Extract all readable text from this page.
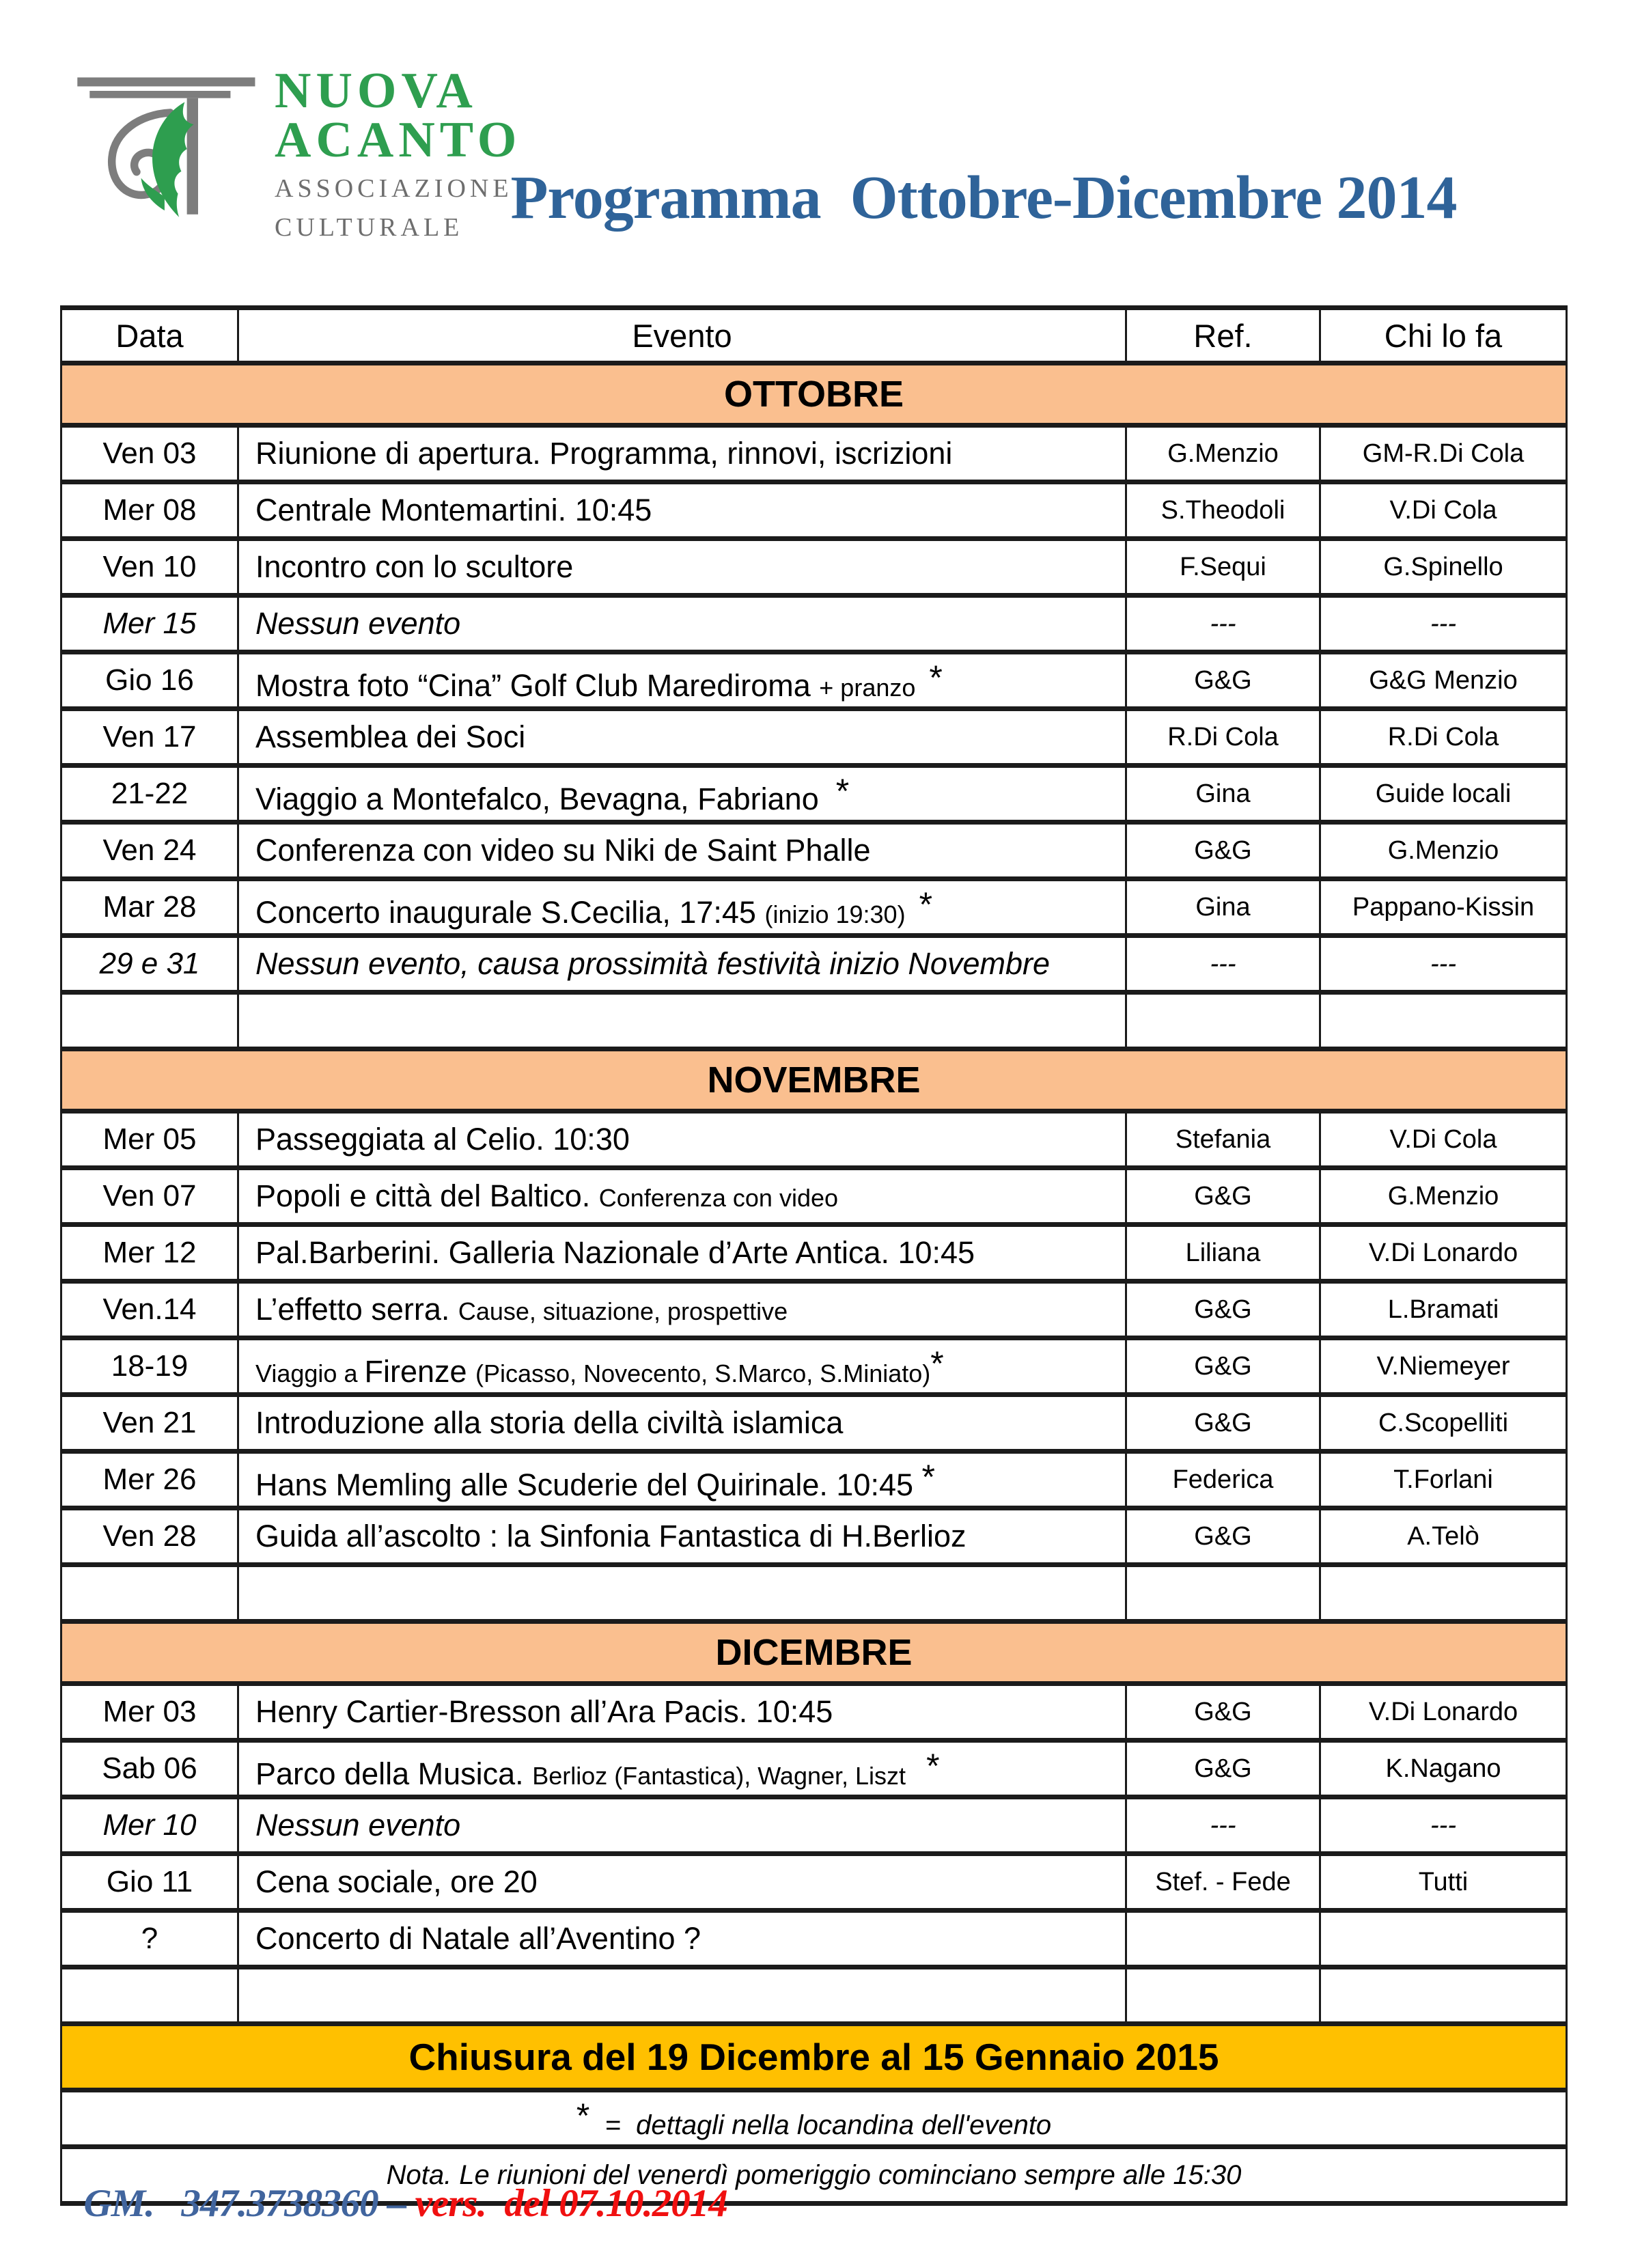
NUOVA
ACANTO
ASSOCIAZIONE
CULTURALE Programma  Ottobre-Dicembre 2014
Data	Evento	Ref.	Chi lo fa
OTTOBRE			
Ven 03	Riunione di apertura. Programma, rinnovi, iscrizioni	G.Menzio	GM-R.Di Cola
Mer 08	Centrale Montemartini. 10:45	S.Theodoli	V.Di Cola
Ven 10	Incontro con lo scultore	F.Sequi	G.Spinello
Mer 15	Nessun evento	---	---
Gio 16	Mostra foto “Cina” Golf Club Marediroma + pranzo  *	G&G	G&G Menzio
Ven 17	Assemblea dei Soci	R.Di Cola	R.Di Cola
21-22	Viaggio a Montefalco, Bevagna, Fabriano  *	Gina	Guide locali
Ven 24	Conferenza con video su Niki de Saint Phalle	G&G	G.Menzio
Mar 28	Concerto inaugurale S.Cecilia, 17:45 (inizio 19:30)  *	Gina	Pappano-Kissin
29 e 31	Nessun evento, causa prossimità festività inizio Novembre	---	---

NOVEMBRE			
Mer 05	Passeggiata al Celio. 10:30	Stefania	V.Di Cola
Ven 07	Popoli e città del Baltico. Conferenza con video	G&G	G.Menzio
Mer 12	Pal.Barberini. Galleria Nazionale d’Arte Antica. 10:45	Liliana	V.Di Lonardo
Ven.14	L’effetto serra. Cause, situazione, prospettive	G&G	L.Bramati
18-19	Viaggio a Firenze (Picasso, Novecento, S.Marco, S.Miniato)*	G&G	V.Niemeyer
Ven 21	Introduzione alla storia della civiltà islamica	G&G	C.Scopelliti
Mer 26	Hans Memling alle Scuderie del Quirinale. 10:45 *	Federica	T.Forlani
Ven 28	Guida all’ascolto : la Sinfonia Fantastica di H.Berlioz	G&G	A.Telò

DICEMBRE			
Mer 03	Henry Cartier-Bresson all’Ara Pacis. 10:45	G&G	V.Di Lonardo
Sab 06	Parco della Musica. Berlioz (Fantastica), Wagner, Liszt   *	G&G	K.Nagano
Mer 10	Nessun evento	---	---
Gio 11	Cena sociale, ore 20	Stef. - Fede	Tutti
?	Concerto di Natale all’Aventino ?		

Chiusura del 19 Dicembre al 15 Gennaio 2015			
*  =  dettagli nella locandina dell'evento			
Nota. Le riunioni del venerdì pomeriggio cominciano sempre alle 15:30			

GM.   347.3738360 – vers.  del 07.10.2014
